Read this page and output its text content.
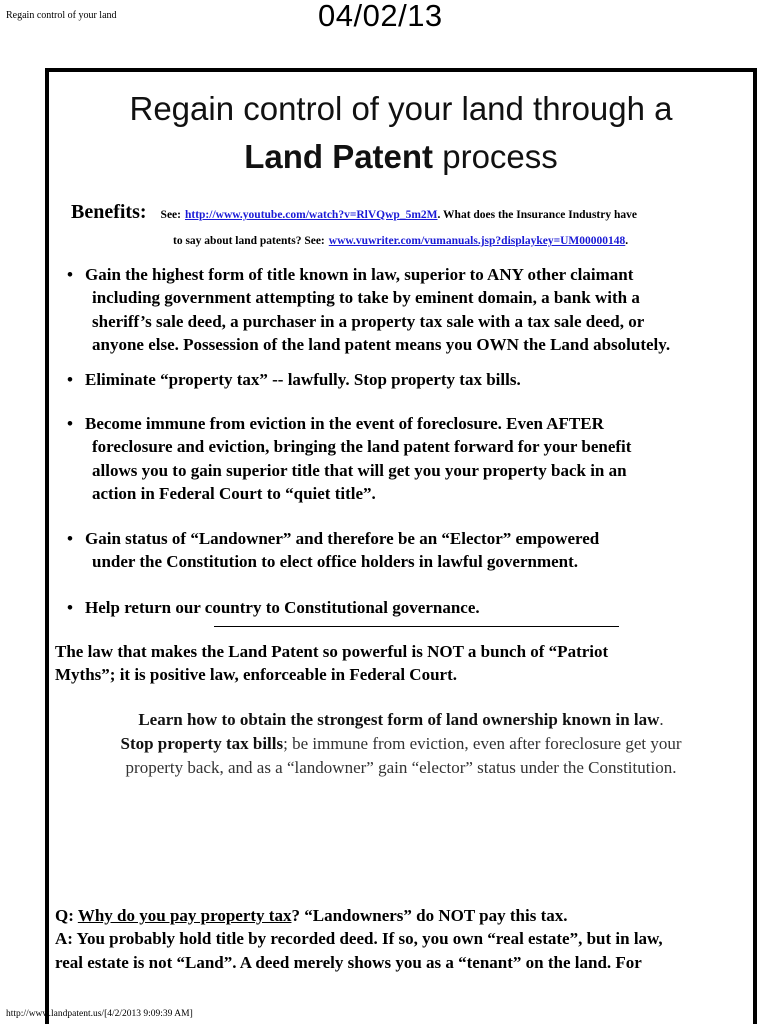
Regain control of your land	04/02/13
Regain control of your land through a
Land Patent process
Benefits: See: http://www.youtube.com/watch?v=RlVQwp_5m2M. What does the Insurance Industry have
to say about land patents? See: www.vuwriter.com/vumanuals.jsp?displaykey=UM00000148.
• Gain the highest form of title known in law, superior to ANY other claimant
including government attempting to take by eminent domain, a bank with a
sheriff’s sale deed, a purchaser in a property tax sale with a tax sale deed, or
anyone else. Possession of the land patent means you OWN the Land absolutely.
• Eliminate “property tax” -- lawfully. Stop property tax bills.
• Become immune from eviction in the event of foreclosure. Even AFTER
foreclosure and eviction, bringing the land patent forward for your benefit
allows you to gain superior title that will get you your property back in an
action in Federal Court to “quiet title”.
• Gain status of “Landowner” and therefore be an “Elector” empowered
under the Constitution to elect office holders in lawful government.
• Help return our country to Constitutional governance.
The law that makes the Land Patent so powerful is NOT a bunch of “Patriot
Myths”; it is positive law, enforceable in Federal Court.
Learn how to obtain the strongest form of land ownership known in law.
Stop property tax bills; be immune from eviction, even after foreclosure get your
property back, and as a “landowner” gain “elector” status under the Constitution.
Q: Why do you pay property tax? “Landowners” do NOT pay this tax.
A: You probably hold title by recorded deed. If so, you own “real estate”, but in law,
real estate is not “Land”. A deed merely shows you as a “tenant” on the land. For
http://www.landpatent.us/[4/2/2013 9:09:39 AM]
